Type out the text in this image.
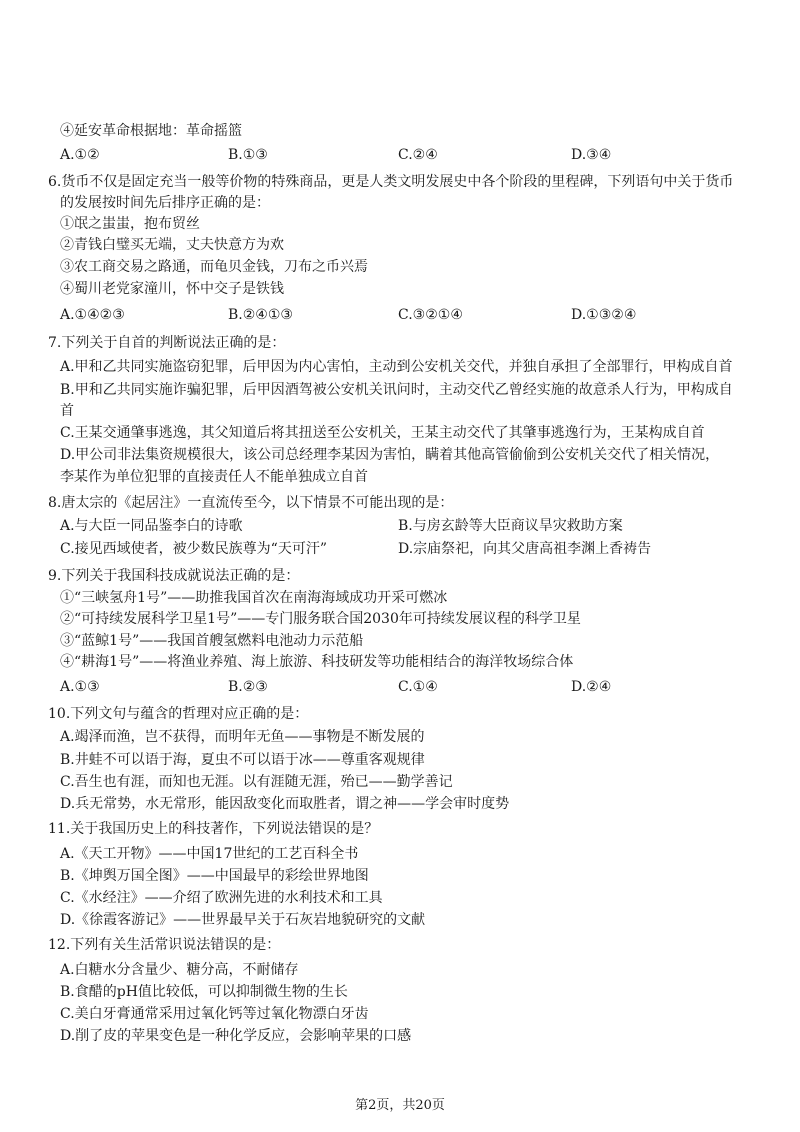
④延安革命根据地：革命摇篮
A.①②	B.①③	C.②④	D.③④
6.货币不仅是固定充当一般等价物的特殊商品，更是人类文明发展史中各个阶段的里程碑，下列语句中关于货币
的发展按时间先后排序正确的是：
①氓之蚩蚩，抱布贸丝
②青钱白璧买无端，丈夫快意方为欢
③农工商交易之路通，而龟贝金钱，刀布之币兴焉
④蜀川老党家潼川，怀中交子是铁钱
A.①④②③	B.②④①③	C.③②①④	D.①③②④
7.下列关于自首的判断说法正确的是：
A.甲和乙共同实施盗窃犯罪，后甲因为内心害怕，主动到公安机关交代，并独自承担了全部罪行，甲构成自首
B.甲和乙共同实施诈骗犯罪，后甲因酒驾被公安机关讯问时，主动交代乙曾经实施的故意杀人行为，甲构成自
首
C.王某交通肇事逃逸，其父知道后将其扭送至公安机关，王某主动交代了其肇事逃逸行为，王某构成自首
D.甲公司非法集资规模很大，该公司总经理李某因为害怕，瞒着其他高管偷偷到公安机关交代了相关情况，
李某作为单位犯罪的直接责任人不能单独成立自首
8.唐太宗的《起居注》一直流传至今，以下情景不可能出现的是：
A.与大臣一同品鉴李白的诗歌	B.与房玄龄等大臣商议旱灾救助方案
C.接见西域使者，被少数民族尊为“天可汗”	D.宗庙祭祀，向其父唐高祖李渊上香祷告
9.下列关于我国科技成就说法正确的是：
①“三峡氢舟1号”——助推我国首次在南海海域成功开采可燃冰
②“可持续发展科学卫星1号”——专门服务联合国2030年可持续发展议程的科学卫星
③“蓝鲸1号”——我国首艘氢燃料电池动力示范船
④“耕海1号”——将渔业养殖、海上旅游、科技研发等功能相结合的海洋牧场综合体
A.①③	B.②③	C.①④	D.②④
10.下列文句与蕴含的哲理对应正确的是：
A.竭泽而渔，岂不获得，而明年无鱼——事物是不断发展的
B.井蛙不可以语于海，夏虫不可以语于冰——尊重客观规律
C.吾生也有涯，而知也无涯。以有涯随无涯，殆已——勤学善记
D.兵无常势，水无常形，能因敌变化而取胜者，谓之神——学会审时度势
11.关于我国历史上的科技著作，下列说法错误的是？
A.《天工开物》——中国17世纪的工艺百科全书
B.《坤舆万国全图》——中国最早的彩绘世界地图
C.《水经注》——介绍了欧洲先进的水利技术和工具
D.《徐霞客游记》——世界最早关于石灰岩地貌研究的文献
12.下列有关生活常识说法错误的是：
A.白糖水分含量少、糖分高，不耐储存
B.食醋的pH值比较低，可以抑制微生物的生长
C.美白牙膏通常采用过氧化钙等过氧化物漂白牙齿
D.削了皮的苹果变色是一种化学反应，会影响苹果的口感
第2页，共20页
